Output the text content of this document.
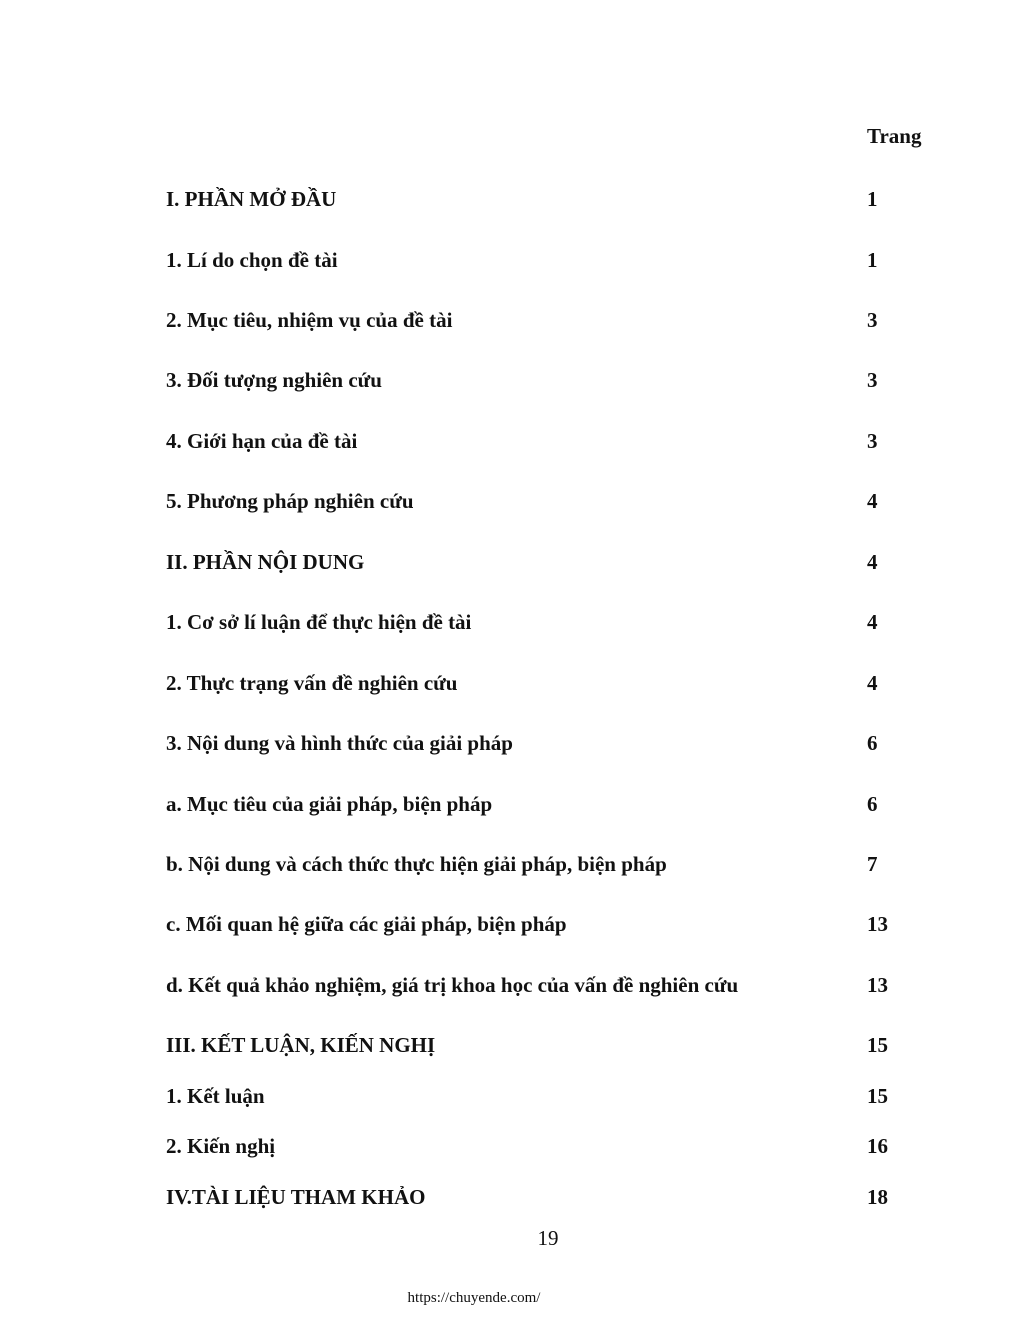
Trang
I. PHẦN MỞ ĐẦU	1
1. Lí do chọn đề tài	1
2. Mục tiêu, nhiệm vụ của đề tài	3
3. Đối tượng nghiên cứu	3
4. Giới hạn của đề tài	3
5. Phương pháp nghiên cứu	4
II. PHẦN NỘI DUNG	4
1. Cơ sở lí luận để thực hiện đề tài	4
2. Thực trạng vấn đề nghiên cứu	4
3. Nội dung và hình thức của giải pháp	6
a. Mục tiêu của giải pháp, biện pháp	6
b. Nội dung và cách thức thực hiện giải pháp, biện pháp	7
c. Mối quan hệ giữa các giải pháp, biện pháp	13
d. Kết quả khảo nghiệm, giá trị khoa học của vấn đề nghiên cứu	13
III. KẾT LUẬN, KIẾN NGHỊ	15
1. Kết luận	15
2. Kiến nghị	16
IV.TÀI LIỆU THAM KHẢO	18
19
https://chuyende.com/
